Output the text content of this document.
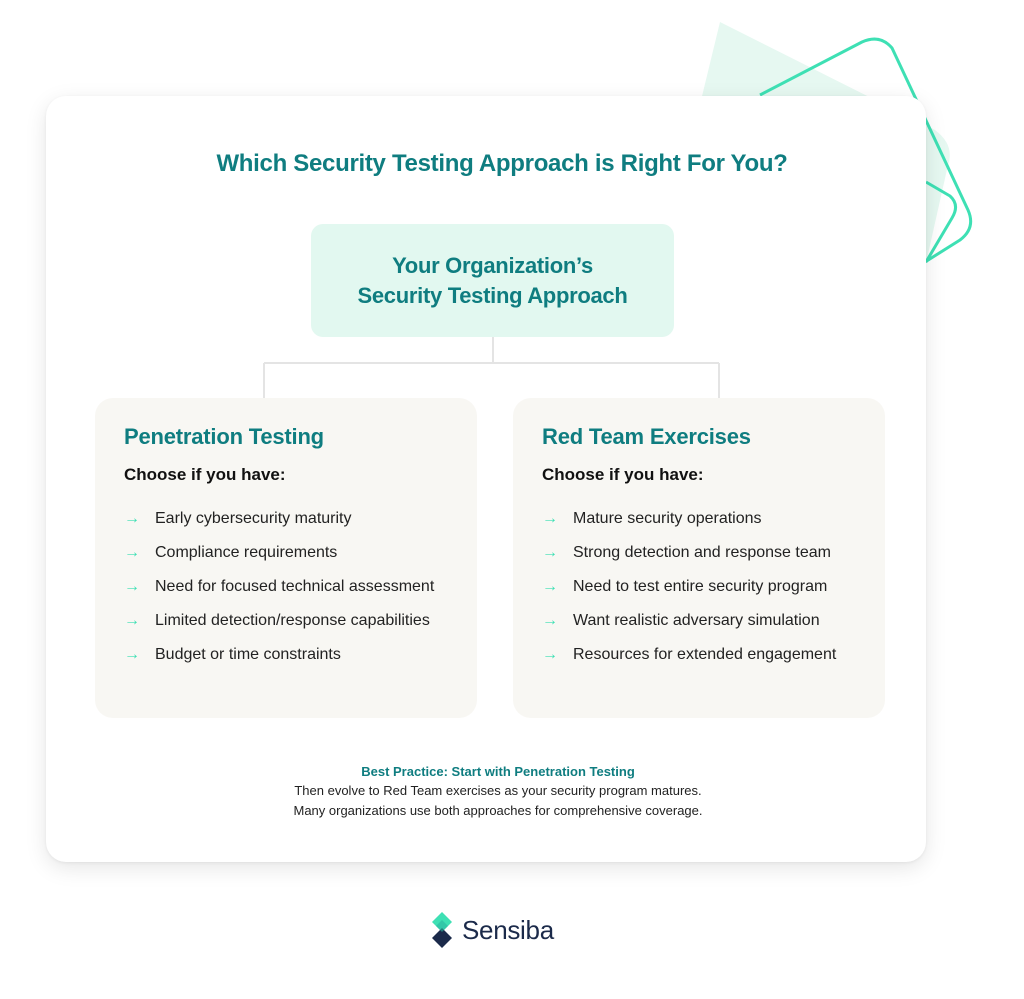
Which Security Testing Approach is Right For You?
Your Organization’s
Security Testing Approach
Penetration Testing

Choose if you have:

→ Early cybersecurity maturity
→ Compliance requirements
→ Need for focused technical assessment
→ Limited detection/response capabilities
→ Budget or time constraints
Red Team Exercises

Choose if you have:

→ Mature security operations
→ Strong detection and response team
→ Need to test entire security program
→ Want realistic adversary simulation
→ Resources for extended engagement
Best Practice: Start with Penetration Testing
Then evolve to Red Team exercises as your security program matures.
Many organizations use both approaches for comprehensive coverage.
Sensiba
